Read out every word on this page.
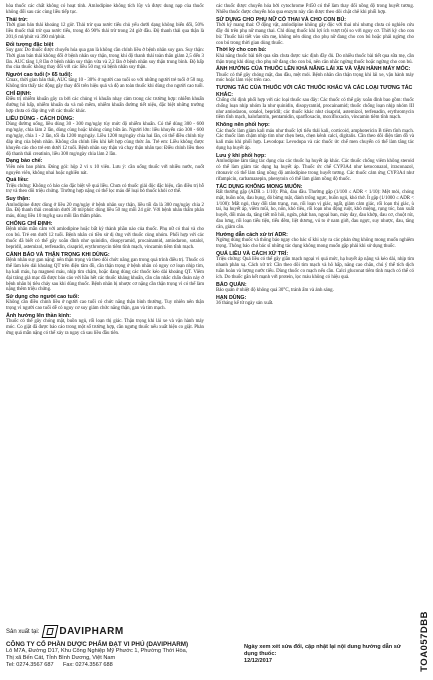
hòa thuốc các chất không có hoạt tính. Amlodipine không tích lũy và được dung nạp của thuốc không đổi sau các cùng liều tiếp tục.

Thải trừ:

Thời gian bán thải khoảng 12 giờ. Thải trừ qua nước tiểu chủ yếu dưới dạng không biến đổi, 50% liều thuốc thải trừ qua nước tiểu, trong đó 90% thải trừ trong 24 giờ đầu. Độ thanh thải qua thận là 201,6 ml/phút và 390 ml/phút.

Đối tượng đặc biệt

Suy gan: Do thuốc được chuyển hóa qua gan là không cần chỉnh liều ở bệnh nhân suy gan. Suy thận: Thời gian bán thải không đổi ở bệnh nhân suy thận, trong khi độ thanh thải toàn thân giảm 2,5 đến 3 lần. AUC tăng 1,8 lần ở bệnh nhân suy thận vừa và 2,2 lần ở bệnh nhân suy thận trung bình. Độ hấp thu của thuốc không thay đổi với các liều 50 mg và bệnh nhân suy thận.

Người cao tuổi (> 65 tuổi):

Cmax, thời gian bán thải, AUC tăng 10 - 30% ở người cao tuổi so với những người trẻ tuổi ở 50 mg. Không tìm thấy tác động gây thay đổi trên hiệu quả và độ an toàn thuốc khi dùng cho người cao tuổi.

CHỈ ĐỊNH:

Điều trị nhiễm khuẩn gây ra bởi các chủng vi khuẩn nhạy cảm trong các trường hợp: nhiễm khuẩn đường hô hấp, nhiễm khuẩn da và mô mềm, nhiễm khuẩn đường tiết niệu, đặc biệt những trường hợp chưa có đáp ứng với các thuốc khác.

LIỀU DÙNG - CÁCH DÙNG:

Dùng đường uống, liều dùng 30 - 300 mg/ngày tùy mức độ nhiễm khuẩn. Có thể dùng 300 - 600 mg/ngày, chia làm 2 lần, dùng cùng hoặc không cùng bữa ăn. Người lớn: liều khuyến cáo 300 - 600 mg/ngày, chia 1 - 2 lần, tối đa 1200 mg/ngày. Liều 1200 mg/ngày chia hai lần, có thể điều chỉnh tùy đáp ứng của bệnh nhân. Không cần chỉnh liều khi kết hợp cùng thức ăn. Trẻ em: Liều không được khuyến cáo cho trẻ em dưới 12 tuổi. Bệnh nhân suy thận và chạy thận nhân tạo: Điều chỉnh liều theo độ thanh thải creatinin, liều 300 mg/ngày chia làm 2 lần.

Dạng bào chế:

Viên nén bao phim. Đóng gói: hộp 2 vỉ x 10 viên. Lưu ý: cần uống thuốc với nhiều nước, nuốt nguyên viên, không nhai hoặc nghiền nát.

Quá liều:

Triệu chứng: Không có báo cáo đặc biệt về quá liều. Chưa có thuốc giải độc đặc hiệu, cần điều trị hỗ trợ và theo dõi triệu chứng. Trường hợp nặng có thể lọc máu để loại bỏ thuốc khỏi cơ thể.

Suy thận:

Amlodipine được dùng ở liều 20 mg/ngày ở bệnh nhân suy thận, liều tối đa là 300 mg/ngày chia 2 lần. Độ thanh thải creatinin dưới 30 ml/phút: dùng liều 50 mg mỗi 24 giờ. Với bệnh nhân thẩm phân máu, dùng liều 10 mg/kg sau mỗi lần thẩm phân.

CHỐNG CHỈ ĐỊNH:

Bệnh nhân mẫn cảm với amlodipine hoặc bất kỳ thành phần nào của thuốc. Phụ nữ có thai và cho con bú. Trẻ em dưới 12 tuổi. Bệnh nhân có tiền sử dị ứng với thuốc cùng nhóm. Phối hợp với các thuốc đã biết có thể gây xoắn đỉnh như quinidin, disopyramid, procainamid, amiodaron, sotalol, bepridil, astemizol, terfenadin, cisaprid, erythromycin tiêm tĩnh mạch, vincamin tiêm tĩnh mạch.

CẢNH BÁO VÀ THẬN TRỌNG KHI DÙNG:

Bệnh nhân suy gan nặng: nên thận trọng và theo dõi chức năng gan trong quá trình điều trị. Thuốc có thể làm kéo dài khoảng QT trên điện tâm đồ, cần thận trọng ở bệnh nhân có nguy cơ loạn nhịp tim, hạ kali máu, hạ magnesi máu, nhịp tim chậm, hoặc đang dùng các thuốc kéo dài khoảng QT. Viêm đại tràng giả mạc đã được báo cáo với hầu hết các thuốc kháng khuẩn, cần cân nhắc chẩn đoán này ở bệnh nhân bị tiêu chảy sau khi dùng thuốc. Bệnh nhân bị nhược cơ nặng cần thận trọng vì có thể làm nặng thêm triệu chứng.

Sử dụng cho người cao tuổi:

Không cần điều chỉnh liều ở người cao tuổi có chức năng thận bình thường. Tuy nhiên nên thận trọng vì người cao tuổi dễ có nguy cơ suy giảm chức năng thận, gan và tim mạch.

Ảnh hưởng lên thần kinh:

Thuốc có thể gây chóng mặt, buồn ngủ, rối loạn thị giác. Thận trọng khi lái xe và vận hành máy móc. Co giật đã được báo cáo trong một số trường hợp, cần ngưng thuốc nếu xuất hiện co giật. Phản ứng quá mẫn nặng có thể xảy ra ngay cả sau liều đầu tiên.

các thuốc được chuyển hóa bởi cytochrome P450 có thể làm thay đổi nồng độ trong huyết tương. Nhiều thuốc được chuyển hóa qua enzym này cần được theo dõi chặt chẽ khi phối hợp.

SỬ DỤNG CHO PHỤ NỮ CÓ THAI VÀ CHO CON BÚ:

Thời kỳ mang thai: Ở động vật, amlodipine không gây độc với thai nhi nhưng chưa có nghiên cứu đầy đủ trên phụ nữ mang thai. Chỉ dùng thuốc khi lợi ích vượt trội so với nguy cơ. Thời kỳ cho con bú: Thuốc bài tiết vào sữa mẹ, không nên dùng cho phụ nữ đang cho con bú hoặc phải ngừng cho con bú trong thời gian dùng thuốc.

Thời kỳ cho con bú:

Khả năng thuốc bài tiết qua sữa chưa được xác định đầy đủ. Do nhiều thuốc bài tiết qua sữa mẹ, cần thận trọng khi dùng cho phụ nữ đang cho con bú, nên cân nhắc ngừng thuốc hoặc ngừng cho con bú.

ẢNH HƯỞNG CỦA THUỐC LÊN KHẢ NĂNG LÁI XE VÀ VẬN HÀNH MÁY MÓC:

Thuốc có thể gây chóng mặt, đau đầu, mệt mỏi. Bệnh nhân cần thận trọng khi lái xe, vận hành máy móc hoặc làm việc trên cao.

TƯƠNG TÁC CỦA THUỐC VỚI CÁC THUỐC KHÁC VÀ CÁC LOẠI TƯƠNG TÁC KHÁC:

Chống chỉ định phối hợp với các loại thuốc sau đây: Các thuốc có thể gây xoắn đỉnh bao gồm: thuốc chống loạn nhịp nhóm Ia như quinidin, disopyramid, procainamid; thuốc chống loạn nhịp nhóm III như amiodaron, sotalol, bepridil; các thuốc khác như cisaprid, astemizol, terfenadin, erythromycin tiêm tĩnh mạch, halofantrin, pentamidin, sparfloxacin, moxifloxacin, vincamin tiêm tĩnh mạch.

Không nên phối hợp:

Các thuốc làm giảm kali máu như thuốc lợi tiểu thải kali, corticoid, amphotericin B tiêm tĩnh mạch. Các thuốc làm chậm nhịp tim như chẹn beta, chẹn kênh calci, digitalis. Cần theo dõi điện tâm đồ và kali máu khi phối hợp. Levodopa: Levodopa và các thuốc ức chế men chuyển có thể làm tăng tác dụng hạ huyết áp.

Lưu ý khi phối hợp:

Amlodipine làm tăng tác dụng của các thuốc hạ huyết áp khác. Các thuốc chống viêm không steroid có thể làm giảm tác dụng hạ huyết áp. Thuốc ức chế CYP3A4 như ketoconazol, itraconazol, ritonavir có thể làm tăng nồng độ amlodipine trong huyết tương. Các thuốc cảm ứng CYP3A4 như rifampicin, carbamazepin, phenytoin có thể làm giảm nồng độ thuốc.

TÁC DỤNG KHÔNG MONG MUỐN:

Rất thường gặp (ADR ≥ 1/10): Phù, đau đầu. Thường gặp (1/100 ≤ ADR < 1/10): Mệt mỏi, chóng mặt, buồn nôn, đau bụng, đỏ bừng mặt, đánh trống ngực, buồn ngủ, khó thở. Ít gặp (1/1000 ≤ ADR < 1/100): Mất ngủ, thay đổi tâm trạng, run, rối loạn vị giác, ngất, giảm cảm giác, rối loạn thị giác, ù tai, hạ huyết áp, viêm mũi, ho, nôn, khó tiêu, rối loạn nhu động ruột, khô miệng, rụng tóc, ban xuất huyết, đổi màu da, tăng tiết mồ hôi, ngứa, phát ban, ngoại ban, mày đay, đau khớp, đau cơ, chuột rút, đau lưng, rối loạn tiểu tiện, tiểu đêm, liệt dương, vú to ở nam giới, đau ngực, suy nhược, đau, tăng cân, giảm cân.

Hướng dẫn cách xử trí ADR:

Ngừng dùng thuốc và thông báo ngay cho bác sĩ khi xảy ra các phản ứng không mong muốn nghiêm trọng. Thông báo cho bác sĩ những tác dụng không mong muốn gặp phải khi sử dụng thuốc.

QUÁ LIỀU VÀ CÁCH XỬ TRÍ:

Triệu chứng: Quá liều có thể gây giãn mạch ngoại vi quá mức, hạ huyết áp nặng và kéo dài, nhịp tim nhanh phản xạ. Cách xử trí: Cần theo dõi tim mạch và hô hấp, nâng cao chân, chú ý thể tích dịch tuần hoàn và lượng nước tiểu. Dùng thuốc co mạch nếu cần. Calci gluconat tiêm tĩnh mạch có thể có ích. Do thuốc gắn kết mạnh với protein, lọc máu không có hiệu quả.

BẢO QUẢN:

Bảo quản ở nhiệt độ không quá 30°C, tránh ẩm và ánh sáng.

HẠN DÙNG:

36 tháng kể từ ngày sản xuất.

Sản xuất tại: DAVIPHARM
CÔNG TY CỔ PHẦN DƯỢC PHẨM ĐẠT VI PHÚ (DAVIPHARM)
Lô M7A, Đường D17, Khu Công Nghiệp Mỹ Phước 1, Phường Thới Hòa,
Thị xã Bến Cát, Tỉnh Bình Dương, Việt Nam
Tel: 0274.3567 687 Fax: 0274.3567 688
Ngày xem xét sửa đổi, cập nhật lại nội dung hướng dẫn sử dụng thuốc:
12/12/2017	TOA057DBB
